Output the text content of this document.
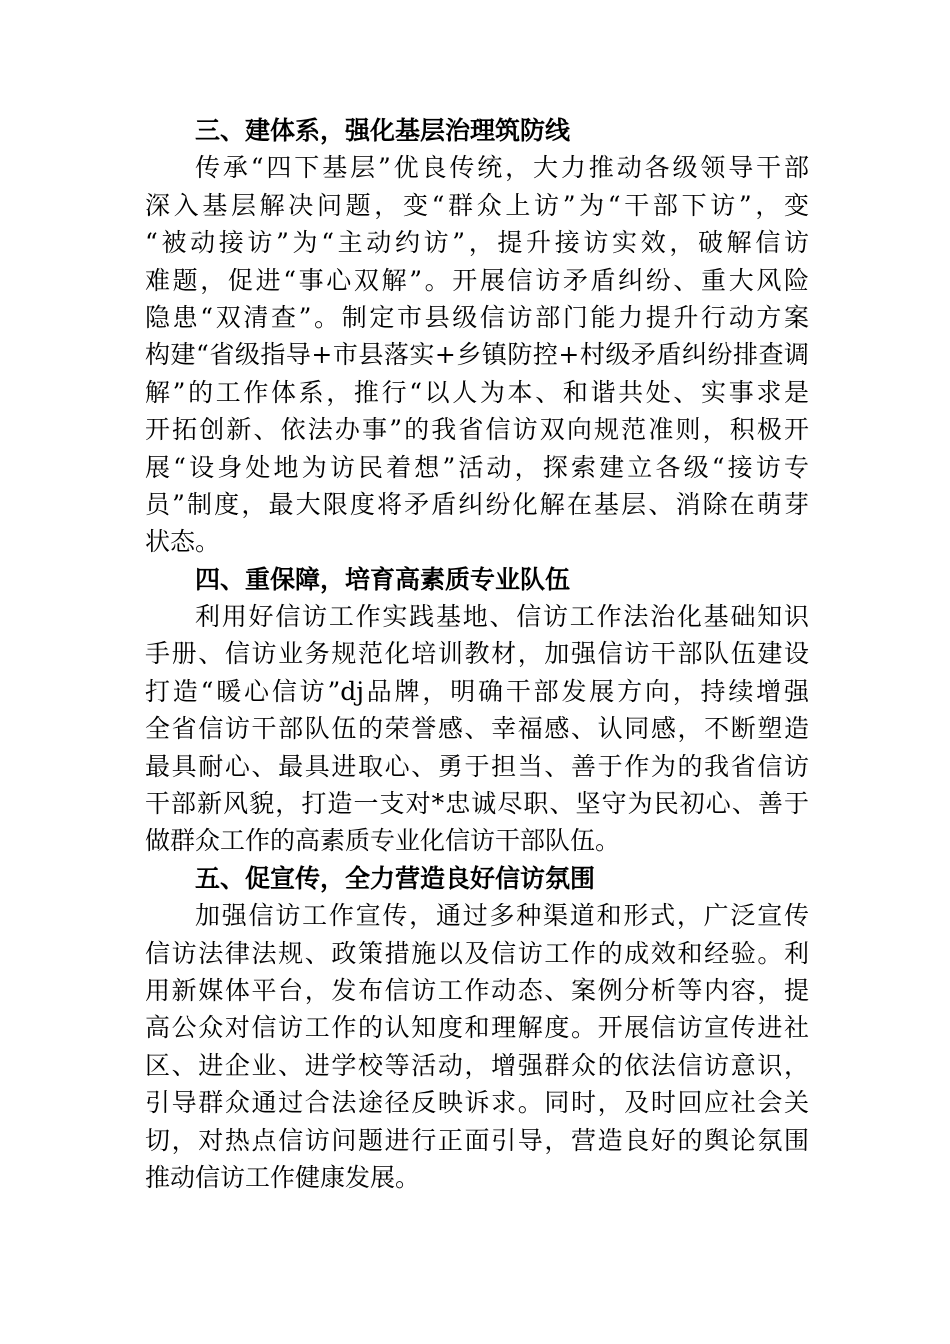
三、建体系，强化基层治理筑防线
传承“四下基层”优良传统，大力推动各级领导干部
深入基层解决问题，变“群众上访”为“干部下访”，变
“被动接访”为“主动约访”，提升接访实效，破解信访
难题，促进“事心双解”。开展信访矛盾纠纷、重大风险
隐患“双清查”。制定市县级信访部门能力提升行动方案
构建“省级指导+市县落实+乡镇防控+村级矛盾纠纷排查调
解”的工作体系，推行“以人为本、和谐共处、实事求是
开拓创新、依法办事”的我省信访双向规范准则，积极开
展“设身处地为访民着想”活动，探索建立各级“接访专
员”制度，最大限度将矛盾纠纷化解在基层、消除在萌芽
状态。
四、重保障，培育高素质专业队伍
利用好信访工作实践基地、信访工作法治化基础知识
手册、信访业务规范化培训教材，加强信访干部队伍建设
打造“暖心信访”dj品牌，明确干部发展方向，持续增强
全省信访干部队伍的荣誉感、幸福感、认同感，不断塑造
最具耐心、最具进取心、勇于担当、善于作为的我省信访
干部新风貌，打造一支对*忠诚尽职、坚守为民初心、善于
做群众工作的高素质专业化信访干部队伍。
五、促宣传，全力营造良好信访氛围
加强信访工作宣传，通过多种渠道和形式，广泛宣传
信访法律法规、政策措施以及信访工作的成效和经验。利
用新媒体平台，发布信访工作动态、案例分析等内容，提
高公众对信访工作的认知度和理解度。开展信访宣传进社
区、进企业、进学校等活动，增强群众的依法信访意识，
引导群众通过合法途径反映诉求。同时，及时回应社会关
切，对热点信访问题进行正面引导，营造良好的舆论氛围
推动信访工作健康发展。
